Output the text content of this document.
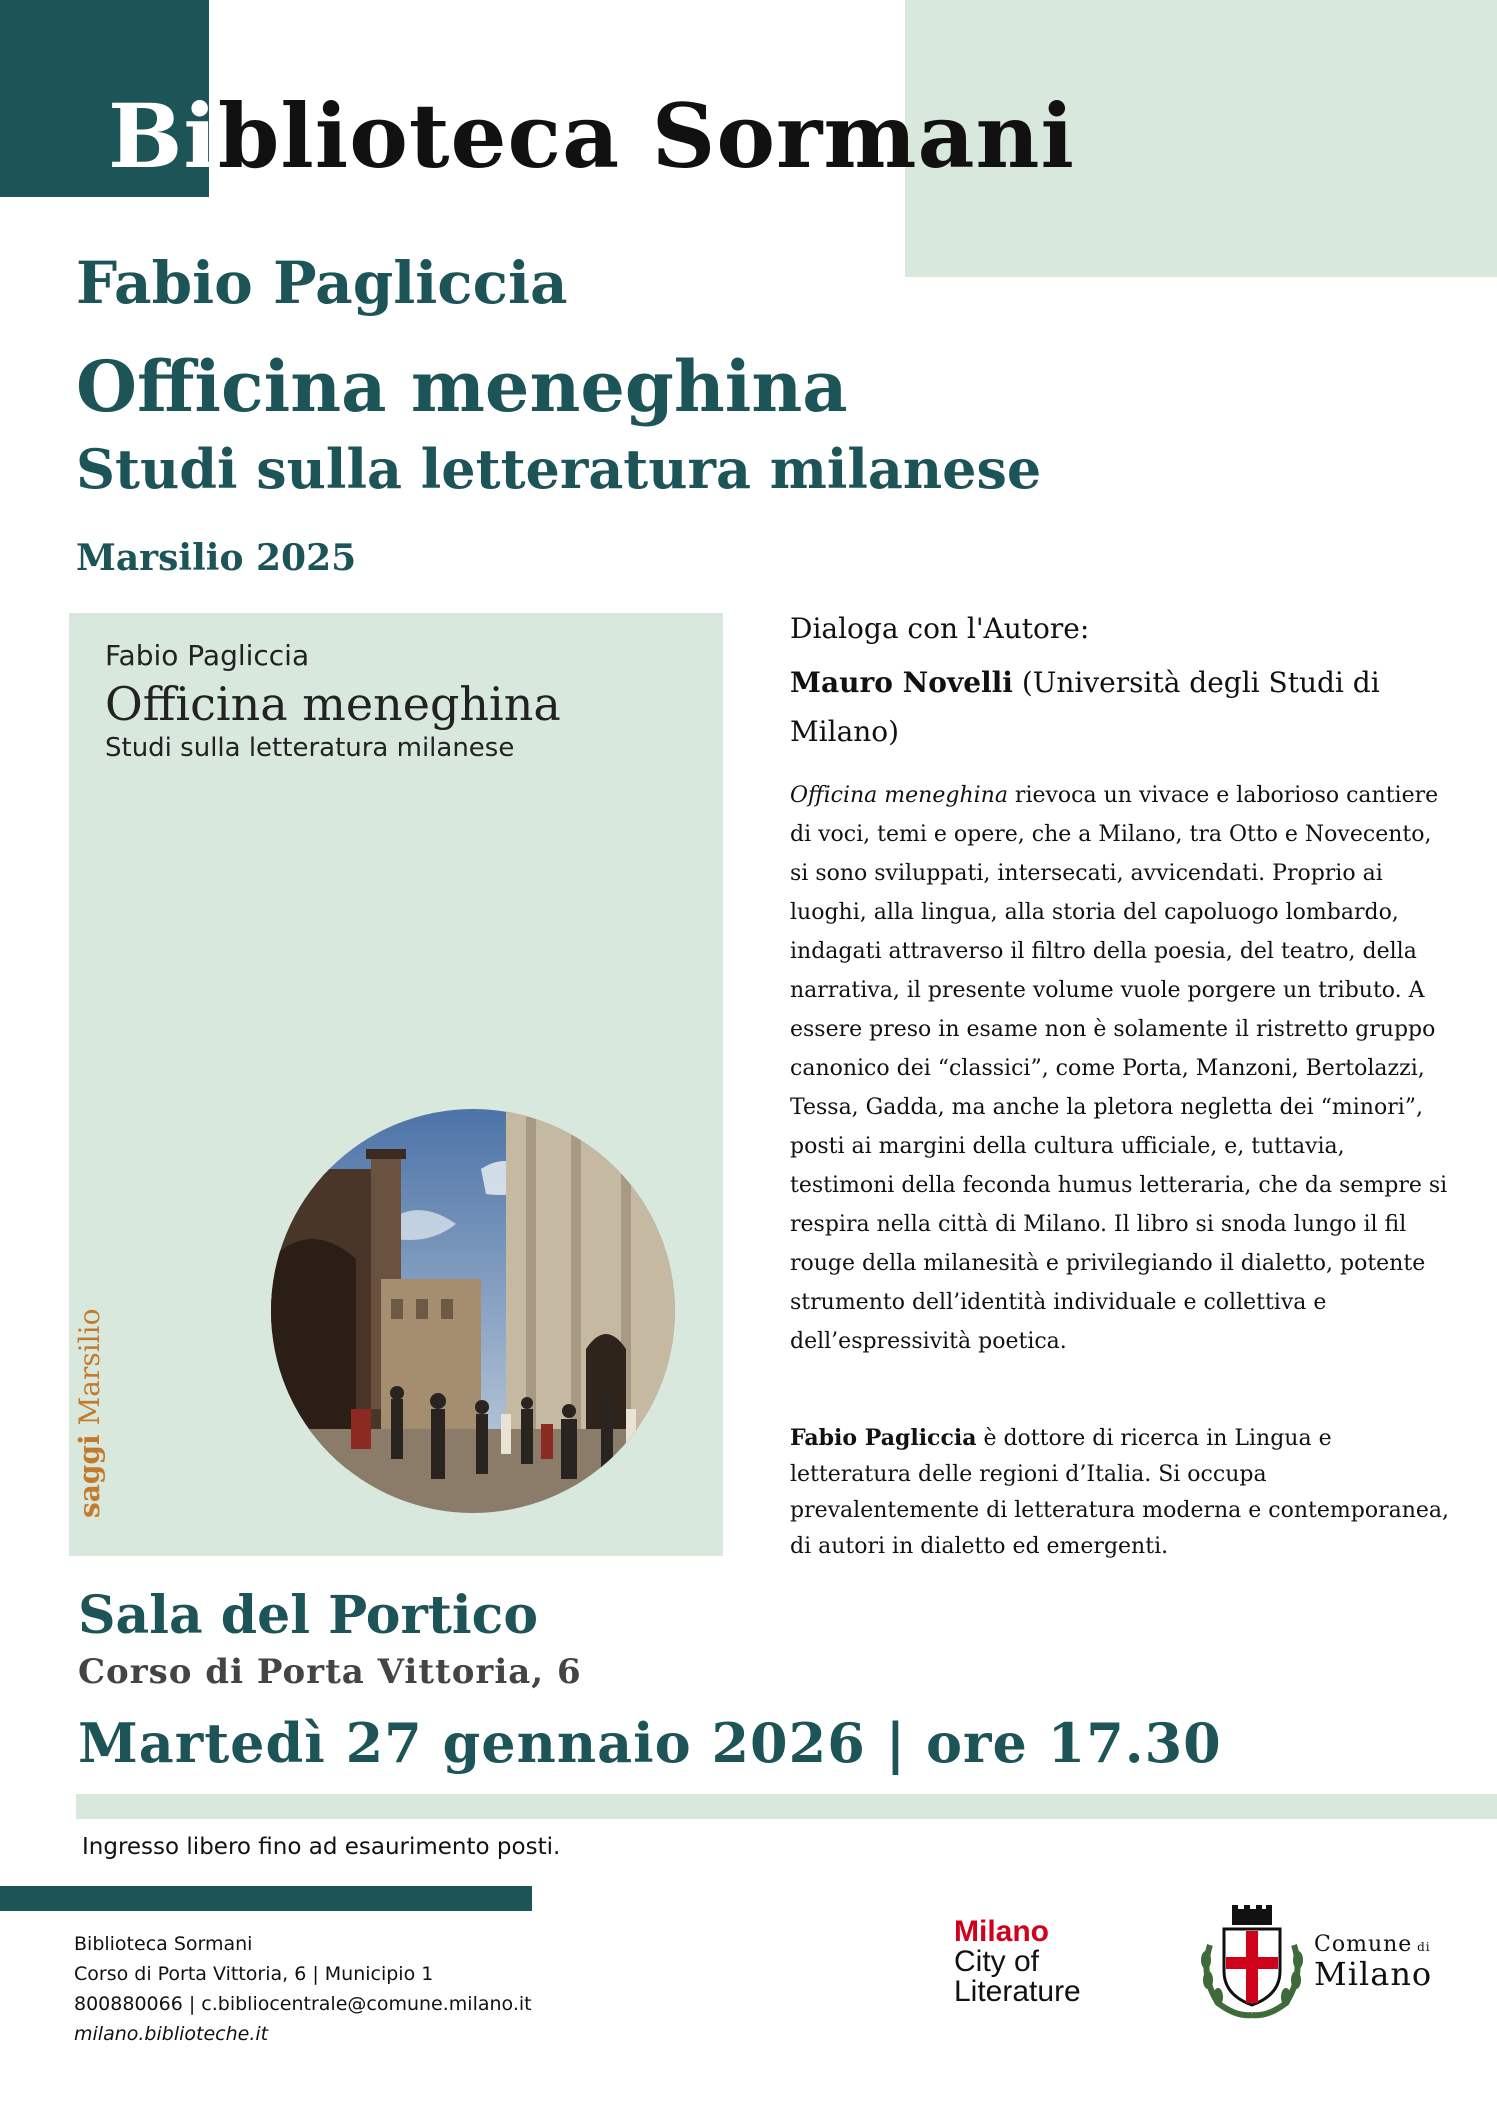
Biblioteca Sormani
Fabio Pagliccia
Officina meneghina
Studi sulla letteratura milanese
Marsilio 2025
Fabio Pagliccia
Officina meneghina
Studi sulla letteratura milanese
saggi Marsilio
Dialoga con l'Autore:
Mauro Novelli (Università degli Studi di Milano)
Officina meneghina rievoca un vivace e laborioso cantiere di voci, temi e opere, che a Milano, tra Otto e Novecento, si sono sviluppati, intersecati, avvicendati. Proprio ai luoghi, alla lingua, alla storia del capoluogo lombardo, indagati attraverso il filtro della poesia, del teatro, della narrativa, il presente volume vuole porgere un tributo. A essere preso in esame non è solamente il ristretto gruppo canonico dei “classici”, come Porta, Manzoni, Bertolazzi, Tessa, Gadda, ma anche la pletora negletta dei “minori”, posti ai margini della cultura ufficiale, e, tuttavia, testimoni della feconda humus letteraria, che da sempre si respira nella città di Milano. Il libro si snoda lungo il fil rouge della milanesità e privilegiando il dialetto, potente strumento dell’identità individuale e collettiva e dell’espressività poetica.
Fabio Pagliccia è dottore di ricerca in Lingua e letteratura delle regioni d’Italia. Si occupa prevalentemente di letteratura moderna e contemporanea, di autori in dialetto ed emergenti.
Sala del Portico
Corso di Porta Vittoria, 6
Martedì 27 gennaio 2026 | ore 17.30
Ingresso libero fino ad esaurimento posti.
Biblioteca Sormani
Corso di Porta Vittoria, 6 | Municipio 1
800880066 | c.bibliocentrale@comune.milano.it
milano.biblioteche.it
Milano
City of
Literature
Comune di
Milano
